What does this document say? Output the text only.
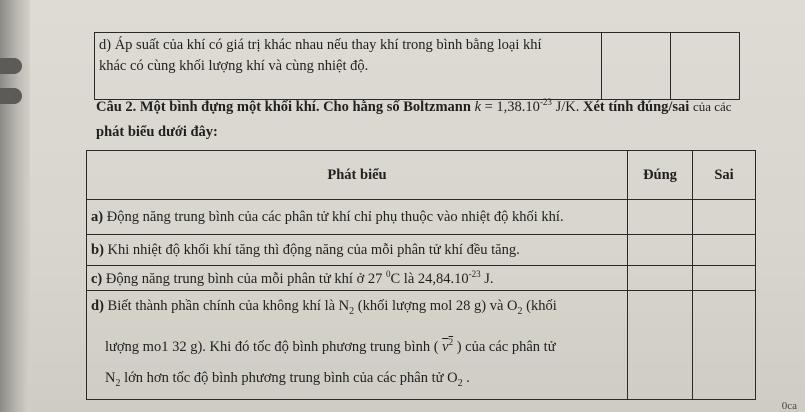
d) Áp suất của khí có giá trị khác nhau nếu thay khí trong bình bằng loại khí
khác có cùng khối lượng khí và cùng nhiệt độ.		
Câu 2. Một bình đựng một khối khí. Cho hằng số Boltzmann $k = 1,38.10^{-23}$ J/K. Xét tính đúng/sai của các
phát biểu dưới đây:
Phát biểu	Đúng	Sai
a) Động năng trung bình của các phân tử khí chỉ phụ thuộc vào nhiệt độ khối khí.		
b) Khi nhiệt độ khối khí tăng thì động năng của mỗi phân tử khí đều tăng.		
c) Động năng trung bình của mỗi phân tử khí ở 27 $^0$C là $24,84.10^{-23}$ J.		
d) Biết thành phần chính của không khí là $N_2$ (khối lượng mol 28 g) và $O_2$ (khối
lượng mo1 32 g). Khi đó tốc độ bình phương trung bình ( $v^2$ ) của các phân tử
$N_2$ lớn hơn tốc độ bình phương trung bình của các phân tử $O_2$ .		

0ca
